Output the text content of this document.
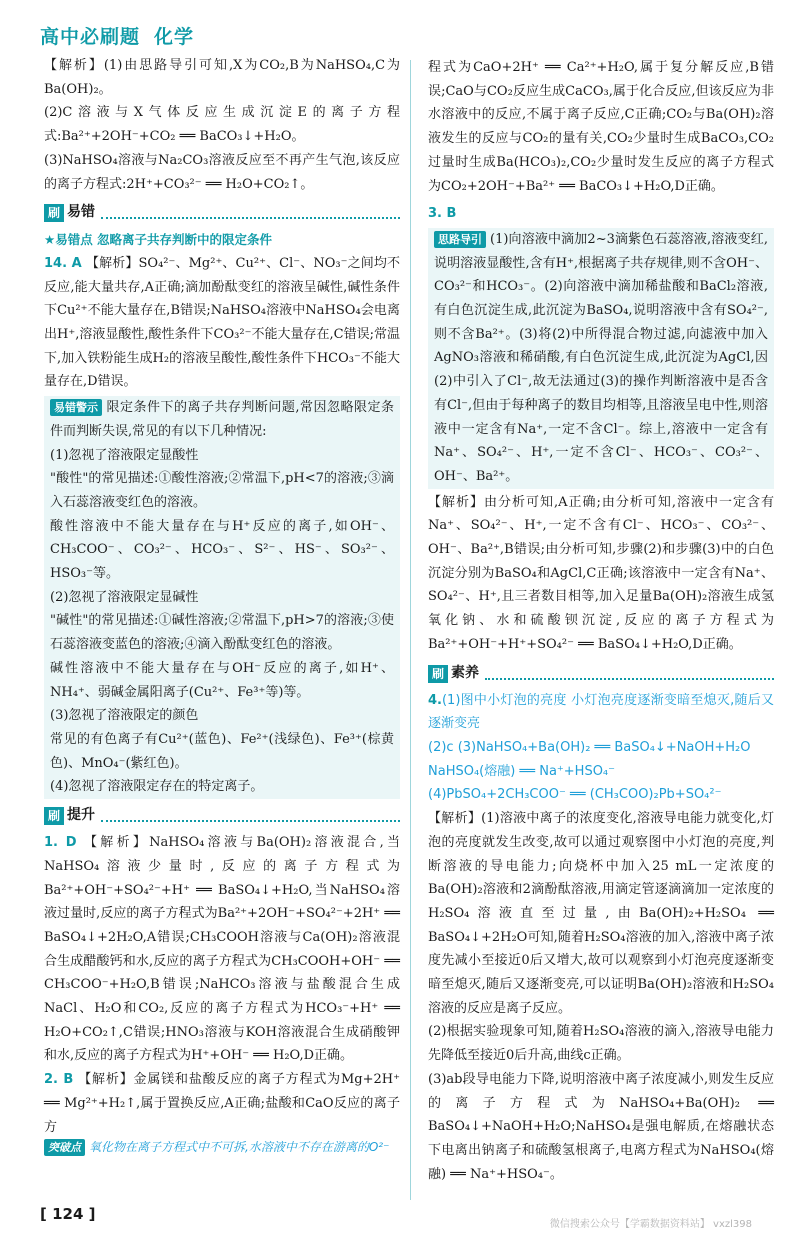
高中必刷题 化学

【解析】(1)由思路导引可知,X为CO₂,B为NaHSO₄,C为Ba(OH)₂。

(2)C溶液与X气体反应生成沉淀E的离子方程式:Ba²⁺+2OH⁻+CO₂ ══ BaCO₃↓+H₂O。

(3)NaHSO₄溶液与Na₂CO₃溶液反应至不再产生气泡,该反应的离子方程式:2H⁺+CO₃²⁻ ══ H₂O+CO₂↑。

刷 易错

★易错点 忽略离子共存判断中的限定条件

14. A 【解析】SO₄²⁻、Mg²⁺、Cu²⁺、Cl⁻、NO₃⁻之间均不反应,能大量共存,A正确;滴加酚酞变红的溶液呈碱性,碱性条件下Cu²⁺不能大量存在,B错误;NaHSO₄溶液中NaHSO₄会电离出H⁺,溶液显酸性,酸性条件下CO₃²⁻不能大量存在,C错误;常温下,加入铁粉能生成H₂的溶液呈酸性,酸性条件下HCO₃⁻不能大量存在,D错误。

易错警示 限定条件下的离子共存判断问题,常因忽略限定条件而判断失误,常见的有以下几种情况:

(1)忽视了溶液限定显酸性

"酸性"的常见描述:①酸性溶液;②常温下,pH<7的溶液;③滴入石蕊溶液变红色的溶液。

酸性溶液中不能大量存在与H⁺反应的离子,如OH⁻、CH₃COO⁻、CO₃²⁻、HCO₃⁻、S²⁻、HS⁻、SO₃²⁻、HSO₃⁻等。

(2)忽视了溶液限定显碱性

"碱性"的常见描述:①碱性溶液;②常温下,pH>7的溶液;③使石蕊溶液变蓝色的溶液;④滴入酚酞变红色的溶液。

碱性溶液中不能大量存在与OH⁻反应的离子,如H⁺、NH₄⁺、弱碱金属阳离子(Cu²⁺、Fe³⁺等)等。

(3)忽视了溶液限定的颜色

常见的有色离子有Cu²⁺(蓝色)、Fe²⁺(浅绿色)、Fe³⁺(棕黄色)、MnO₄⁻(紫红色)。

(4)忽视了溶液限定存在的特定离子。

刷 提升

1. D 【解析】NaHSO₄溶液与Ba(OH)₂溶液混合,当NaHSO₄溶液少量时,反应的离子方程式为Ba²⁺+OH⁻+SO₄²⁻+H⁺ ══ BaSO₄↓+H₂O,当NaHSO₄溶液过量时,反应的离子方程式为Ba²⁺+2OH⁻+SO₄²⁻+2H⁺ ══ BaSO₄↓+2H₂O,A错误;CH₃COOH溶液与Ca(OH)₂溶液混合生成醋酸钙和水,反应的离子方程式为CH₃COOH+OH⁻ ══ CH₃COO⁻+H₂O,B错误;NaHCO₃溶液与盐酸混合生成NaCl、H₂O和CO₂,反应的离子方程式为HCO₃⁻+H⁺ ══ H₂O+CO₂↑,C错误;HNO₃溶液与KOH溶液混合生成硝酸钾和水,反应的离子方程式为H⁺+OH⁻ ══ H₂O,D正确。

2. B 【解析】金属镁和盐酸反应的离子方程式为Mg+2H⁺ ══ Mg²⁺+H₂↑,属于置换反应,A正确;盐酸和CaO反应的离子方

突破点 氧化物在离子方程式中不可拆,水溶液中不存在游离的O²⁻

程式为CaO+2H⁺ ══ Ca²⁺+H₂O,属于复分解反应,B错误;CaO与CO₂反应生成CaCO₃,属于化合反应,但该反应为非水溶液中的反应,不属于离子反应,C正确;CO₂与Ba(OH)₂溶液发生的反应与CO₂的量有关,CO₂少量时生成BaCO₃,CO₂过量时生成Ba(HCO₃)₂,CO₂少量时发生反应的离子方程式为CO₂+2OH⁻+Ba²⁺ ══ BaCO₃↓+H₂O,D正确。

3. B

思路导引 (1)向溶液中滴加2~3滴紫色石蕊溶液,溶液变红,说明溶液显酸性,含有H⁺,根据离子共存规律,则不含OH⁻、CO₃²⁻和HCO₃⁻。(2)向溶液中滴加稀盐酸和BaCl₂溶液,有白色沉淀生成,此沉淀为BaSO₄,说明溶液中含有SO₄²⁻,则不含Ba²⁺。(3)将(2)中所得混合物过滤,向滤液中加入AgNO₃溶液和稀硝酸,有白色沉淀生成,此沉淀为AgCl,因(2)中引入了Cl⁻,故无法通过(3)的操作判断溶液中是否含有Cl⁻,但由于每种离子的数目均相等,且溶液呈电中性,则溶液中一定含有Na⁺,一定不含Cl⁻。综上,溶液中一定含有Na⁺、SO₄²⁻、H⁺,一定不含Cl⁻、HCO₃⁻、CO₃²⁻、OH⁻、Ba²⁺。

【解析】由分析可知,A正确;由分析可知,溶液中一定含有Na⁺、SO₄²⁻、H⁺,一定不含有Cl⁻、HCO₃⁻、CO₃²⁻、OH⁻、Ba²⁺,B错误;由分析可知,步骤(2)和步骤(3)中的白色沉淀分别为BaSO₄和AgCl,C正确;该溶液中一定含有Na⁺、SO₄²⁻、H⁺,且三者数目相等,加入足量Ba(OH)₂溶液生成氢氧化钠、水和硫酸钡沉淀,反应的离子方程式为Ba²⁺+OH⁻+H⁺+SO₄²⁻ ══ BaSO₄↓+H₂O,D正确。

刷 素养

4.(1)图中小灯泡的亮度 小灯泡亮度逐渐变暗至熄灭,随后又逐渐变亮

(2)c (3)NaHSO₄+Ba(OH)₂ ══ BaSO₄↓+NaOH+H₂O

NaHSO₄(熔融) ══ Na⁺+HSO₄⁻

(4)PbSO₄+2CH₃COO⁻ ══ (CH₃COO)₂Pb+SO₄²⁻

【解析】(1)溶液中离子的浓度变化,溶液导电能力就变化,灯泡的亮度就发生改变,故可以通过观察图中小灯泡的亮度,判断溶液的导电能力;向烧杯中加入25 mL一定浓度的Ba(OH)₂溶液和2滴酚酞溶液,用滴定管逐滴滴加一定浓度的H₂SO₄溶液直至过量,由Ba(OH)₂+H₂SO₄ ══ BaSO₄↓+2H₂O可知,随着H₂SO₄溶液的加入,溶液中离子浓度先减小至接近0后又增大,故可以观察到小灯泡亮度逐渐变暗至熄灭,随后又逐渐变亮,可以证明Ba(OH)₂溶液和H₂SO₄溶液的反应是离子反应。

(2)根据实验现象可知,随着H₂SO₄溶液的滴入,溶液导电能力先降低至接近0后升高,曲线c正确。

(3)ab段导电能力下降,说明溶液中离子浓度减小,则发生反应的离子方程式为NaHSO₄+Ba(OH)₂ ══ BaSO₄↓+NaOH+H₂O;NaHSO₄是强电解质,在熔融状态下电离出钠离子和硫酸氢根离子,电离方程式为NaHSO₄(熔融) ══ Na⁺+HSO₄⁻。

[ 124 ]
微信搜索公众号【学霸数据资料站】 vxzl398
